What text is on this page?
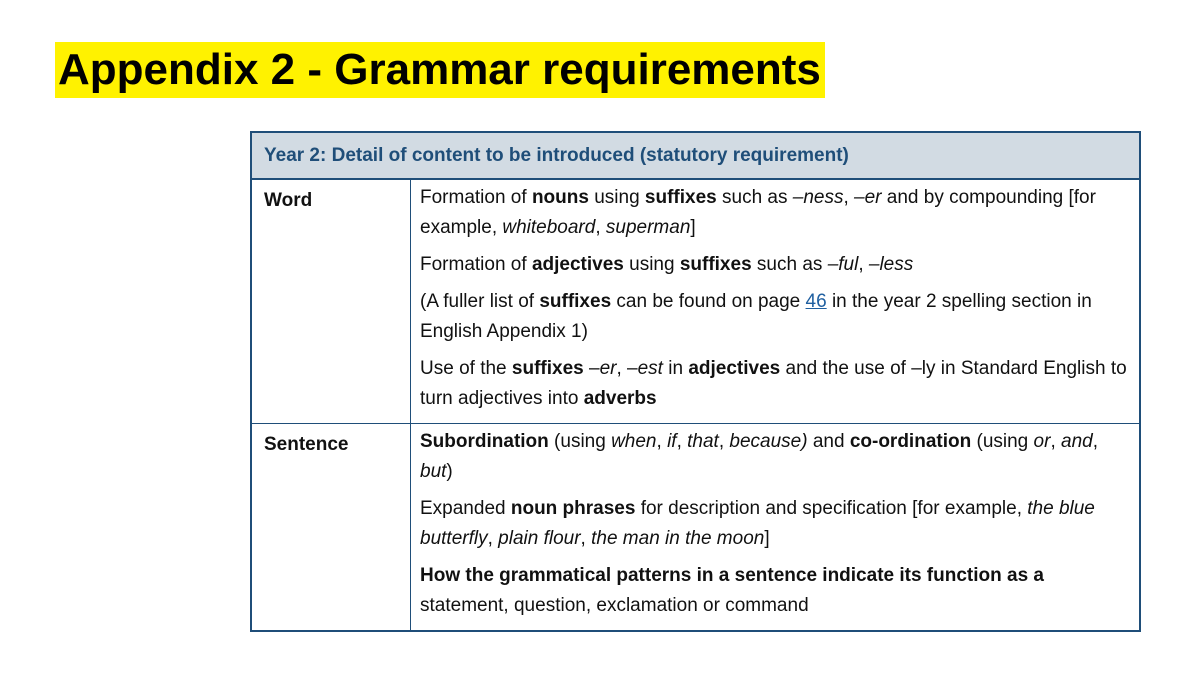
Appendix 2 - Grammar requirements
Year 2: Detail of content to be introduced (statutory requirement)
Word	Formation of nouns using suffixes such as –ness, –er and by compounding [for example, whiteboard, superman]
Formation of adjectives using suffixes such as –ful, –less
(A fuller list of suffixes can be found on page 46 in the year 2 spelling section in English Appendix 1)
Use of the suffixes –er, –est in adjectives and the use of –ly in Standard English to turn adjectives into adverbs
Sentence	Subordination (using when, if, that, because) and co-ordination (using or, and, but)
Expanded noun phrases for description and specification [for example, the blue butterfly, plain flour, the man in the moon]
How the grammatical patterns in a sentence indicate its function as a statement, question, exclamation or command
